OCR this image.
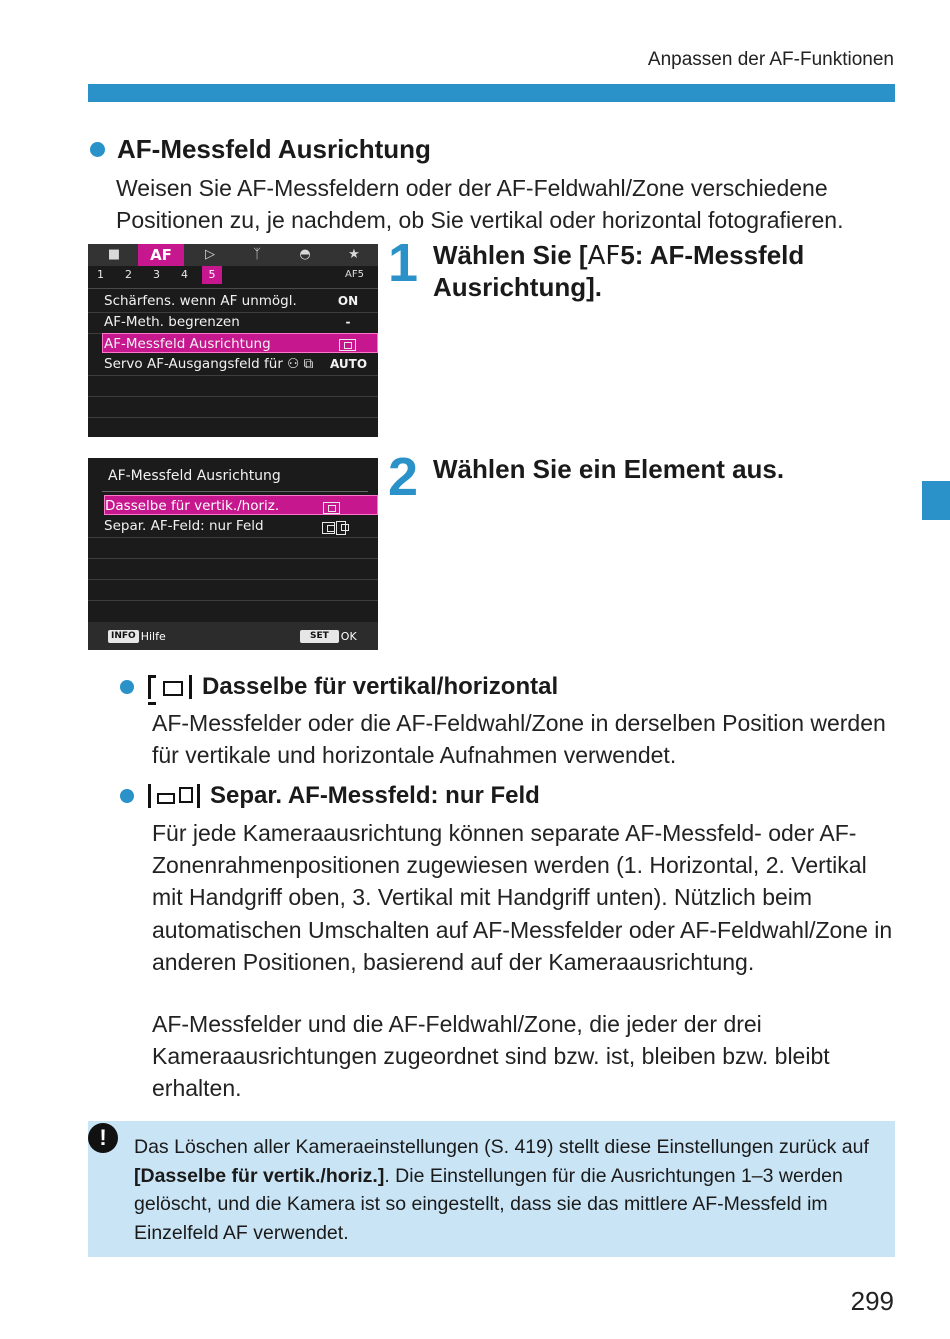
Anpassen der AF-Funktionen
AF-Messfeld Ausrichtung
Weisen Sie AF-Messfeldern oder der AF-Feldwahl/Zone verschiedene Positionen zu, je nachdem, ob Sie vertikal oder horizontal fotografieren.
■	AF	▷	ᛉ	◓	★
1 2 3 4	5	AF5
Schärfens. wenn AF unmögl.	ON
AF-Meth. begrenzen	-
AF-Messfeld Ausrichtung
Servo AF-Ausgangsfeld für ⚇ ⧉ AUTO
1 Wählen Sie [AF5: AF-Messfeld Ausrichtung].
AF-Messfeld Ausrichtung
Dasselbe für vertik./horiz.
Separ. AF-Feld: nur Feld
INFO Hilfe	SET	OK
2 Wählen Sie ein Element aus.
Dasselbe für vertikal/horizontal
AF-Messfelder oder die AF-Feldwahl/Zone in derselben Position werden für vertikale und horizontale Aufnahmen verwendet.
Separ. AF-Messfeld: nur Feld
Für jede Kameraausrichtung können separate AF-Messfeld- oder AF-Zonenrahmenpositionen zugewiesen werden (1. Horizontal, 2. Vertikal mit Handgriff oben, 3. Vertikal mit Handgriff unten). Nützlich beim automatischen Umschalten auf AF-Messfelder oder AF-Feldwahl/Zone in anderen Positionen, basierend auf der Kameraausrichtung.
AF-Messfelder und die AF-Feldwahl/Zone, die jeder der drei Kameraausrichtungen zugeordnet sind bzw. ist, bleiben bzw. bleibt erhalten.
!	Das Löschen aller Kameraeinstellungen (S. 419) stellt diese Einstellungen zurück auf [Dasselbe für vertik./horiz.]. Die Einstellungen für die Ausrichtungen 1–3 werden gelöscht, und die Kamera ist so eingestellt, dass sie das mittlere AF-Messfeld im Einzelfeld AF verwendet.
299
